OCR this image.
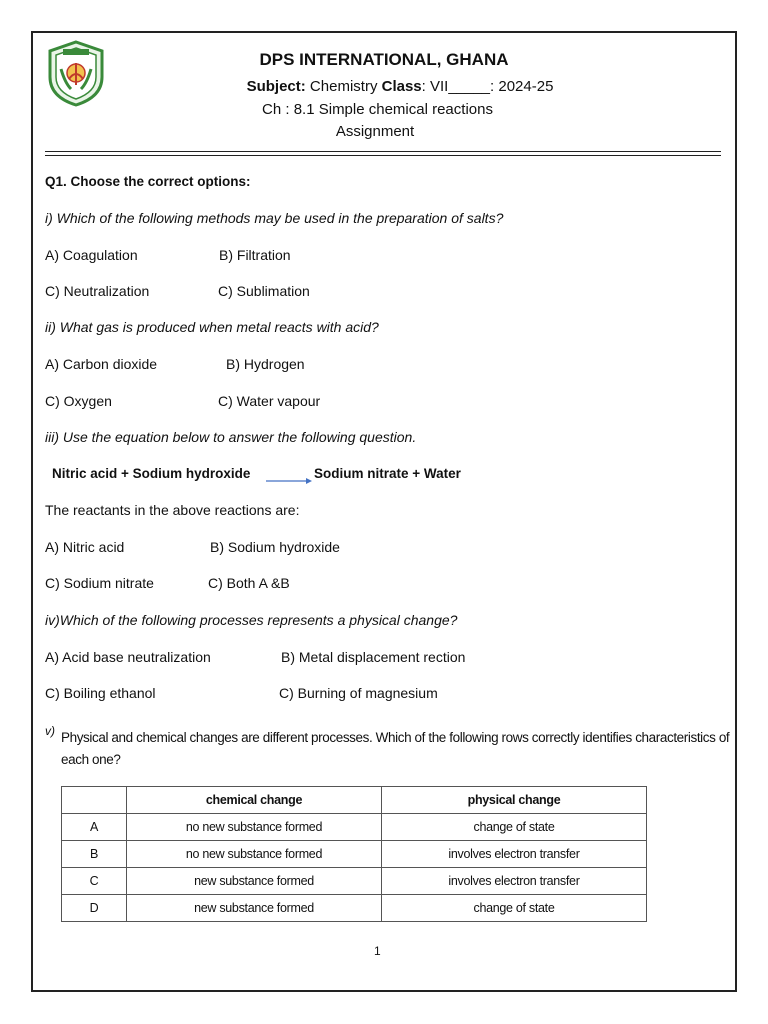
DPS INTERNATIONAL, GHANA
Subject: Chemistry Class: VII_____: 2024-25
Ch : 8.1 Simple chemical reactions
Assignment
Q1. Choose the correct options:
i) Which of the following methods may be used in the preparation of salts?
A) Coagulation	B) Filtration
C) Neutralization	C) Sublimation
ii) What gas is produced when metal reacts with acid?
A) Carbon dioxide	B) Hydrogen
C) Oxygen	C) Water vapour
iii) Use the equation below to answer the following question.
Nitric acid + Sodium hydroxide → Sodium nitrate + Water
The reactants in the above reactions are:
A) Nitric acid	B) Sodium hydroxide
C) Sodium nitrate	C) Both A &B
iv)Which of the following processes represents a physical change?
A) Acid base neutralization	B) Metal displacement rection
C) Boiling ethanol	C) Burning of magnesium
v) Physical and chemical changes are different processes. Which of the following rows correctly identifies characteristics of each one?
	chemical change	physical change
A	no new substance formed	change of state
B	no new substance formed	involves electron transfer
C	new substance formed	involves electron transfer
D	new substance formed	change of state
1
